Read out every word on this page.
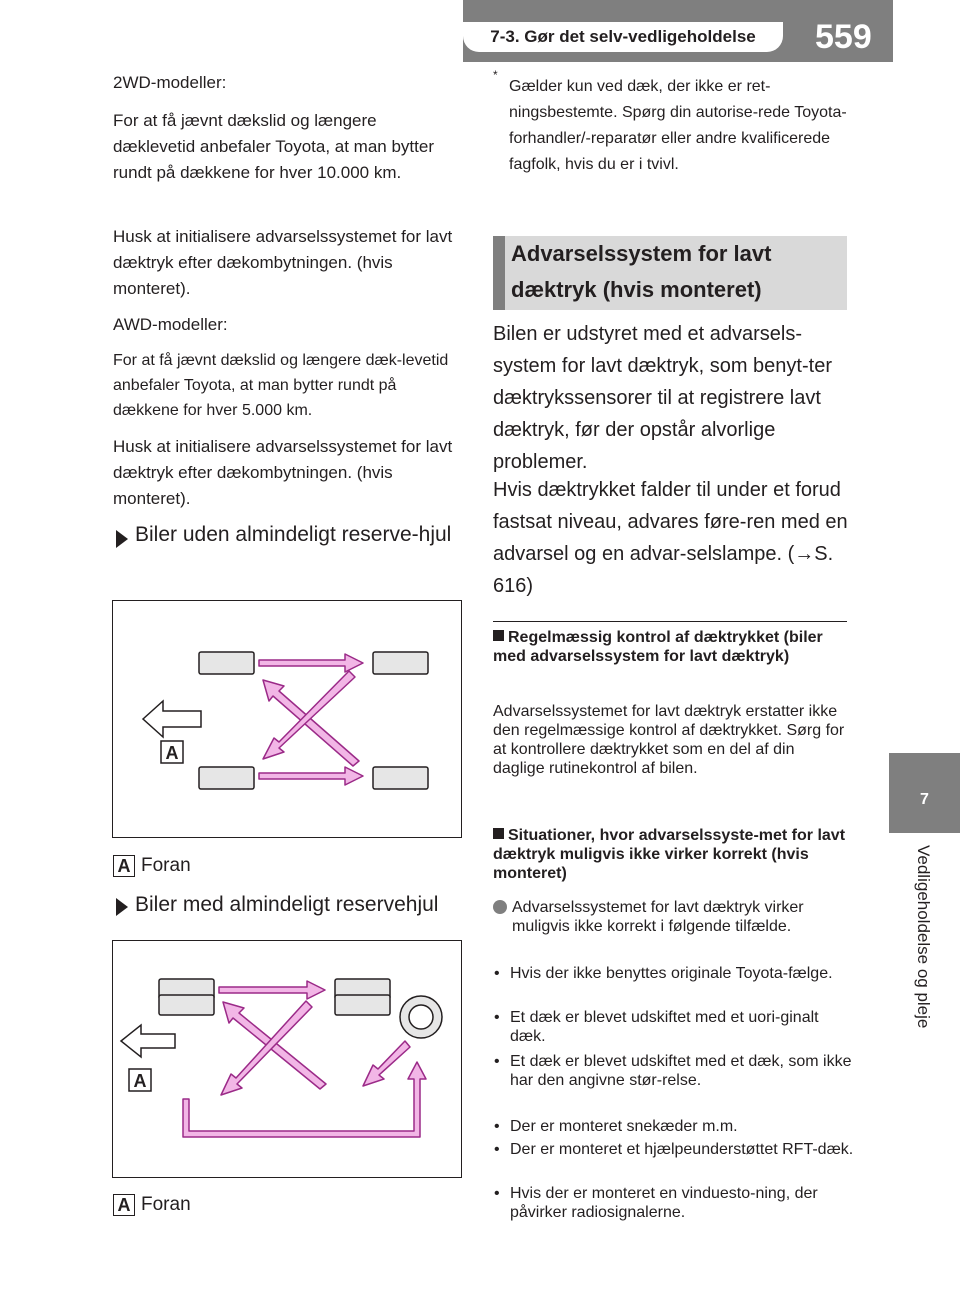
7-3. Gør det selv-vedligeholdelse	559
7
Vedligeholdelse og pleje

2WD-modeller:

For at få jævnt dækslid og længere dæklevetid anbefaler Toyota, at man bytter rundt på dækkene for hver 10.000 km.

Husk at initialisere advarselssystemet for lavt dæktryk efter dækombytningen. (hvis monteret).

AWD-modeller:

For at få jævnt dækslid og længere dæk-levetid anbefaler Toyota, at man bytter rundt på dækkene for hver 5.000 km.

Husk at initialisere advarselssystemet for lavt dæktryk efter dækombytningen. (hvis monteret).

Biler uden almindeligt reserve-hjul

A
A Foran

Biler med almindeligt reservehjul

A
A Foran
*

Gælder kun ved dæk, der ikke er ret-ningsbestemte. Spørg din autorise-rede Toyota-forhandler/-reparatør eller andre kvalificerede fagfolk, hvis du er i tvivl.

Advarselssystem for lavt
dæktryk (hvis monteret)

Bilen er udstyret med et advarsels-system for lavt dæktryk, som benyt-ter dæktrykssensorer til at registrere lavt dæktryk, før der opstår alvorlige problemer.

Hvis dæktrykket falder til under et forud fastsat niveau, advares føre-ren med en advarsel og en advar-selslampe. (→S. 616)

Regelmæssig kontrol af dæktrykket (biler med advarselssystem for lavt dæktryk)
Advarselssystemet for lavt dæktryk erstatter ikke den regelmæssige kontrol af dæktrykket. Sørg for at kontrollere dæktrykket som en del af din daglige rutinekontrol af bilen.
Situationer, hvor advarselssyste-met for lavt dæktryk muligvis ikke virker korrekt (hvis monteret)
Advarselssystemet for lavt dæktryk virker muligvis ikke korrekt i følgende tilfælde.
• Hvis der ikke benyttes originale Toyota-fælge.
• Et dæk er blevet udskiftet med et uori-ginalt dæk.
• Et dæk er blevet udskiftet med et dæk, som ikke har den angivne stør-relse.
• Der er monteret snekæder m.m.
• Der er monteret et hjælpeunderstøttet RFT-dæk.
• Hvis der er monteret en vinduesto-ning, der påvirker radiosignalerne.
